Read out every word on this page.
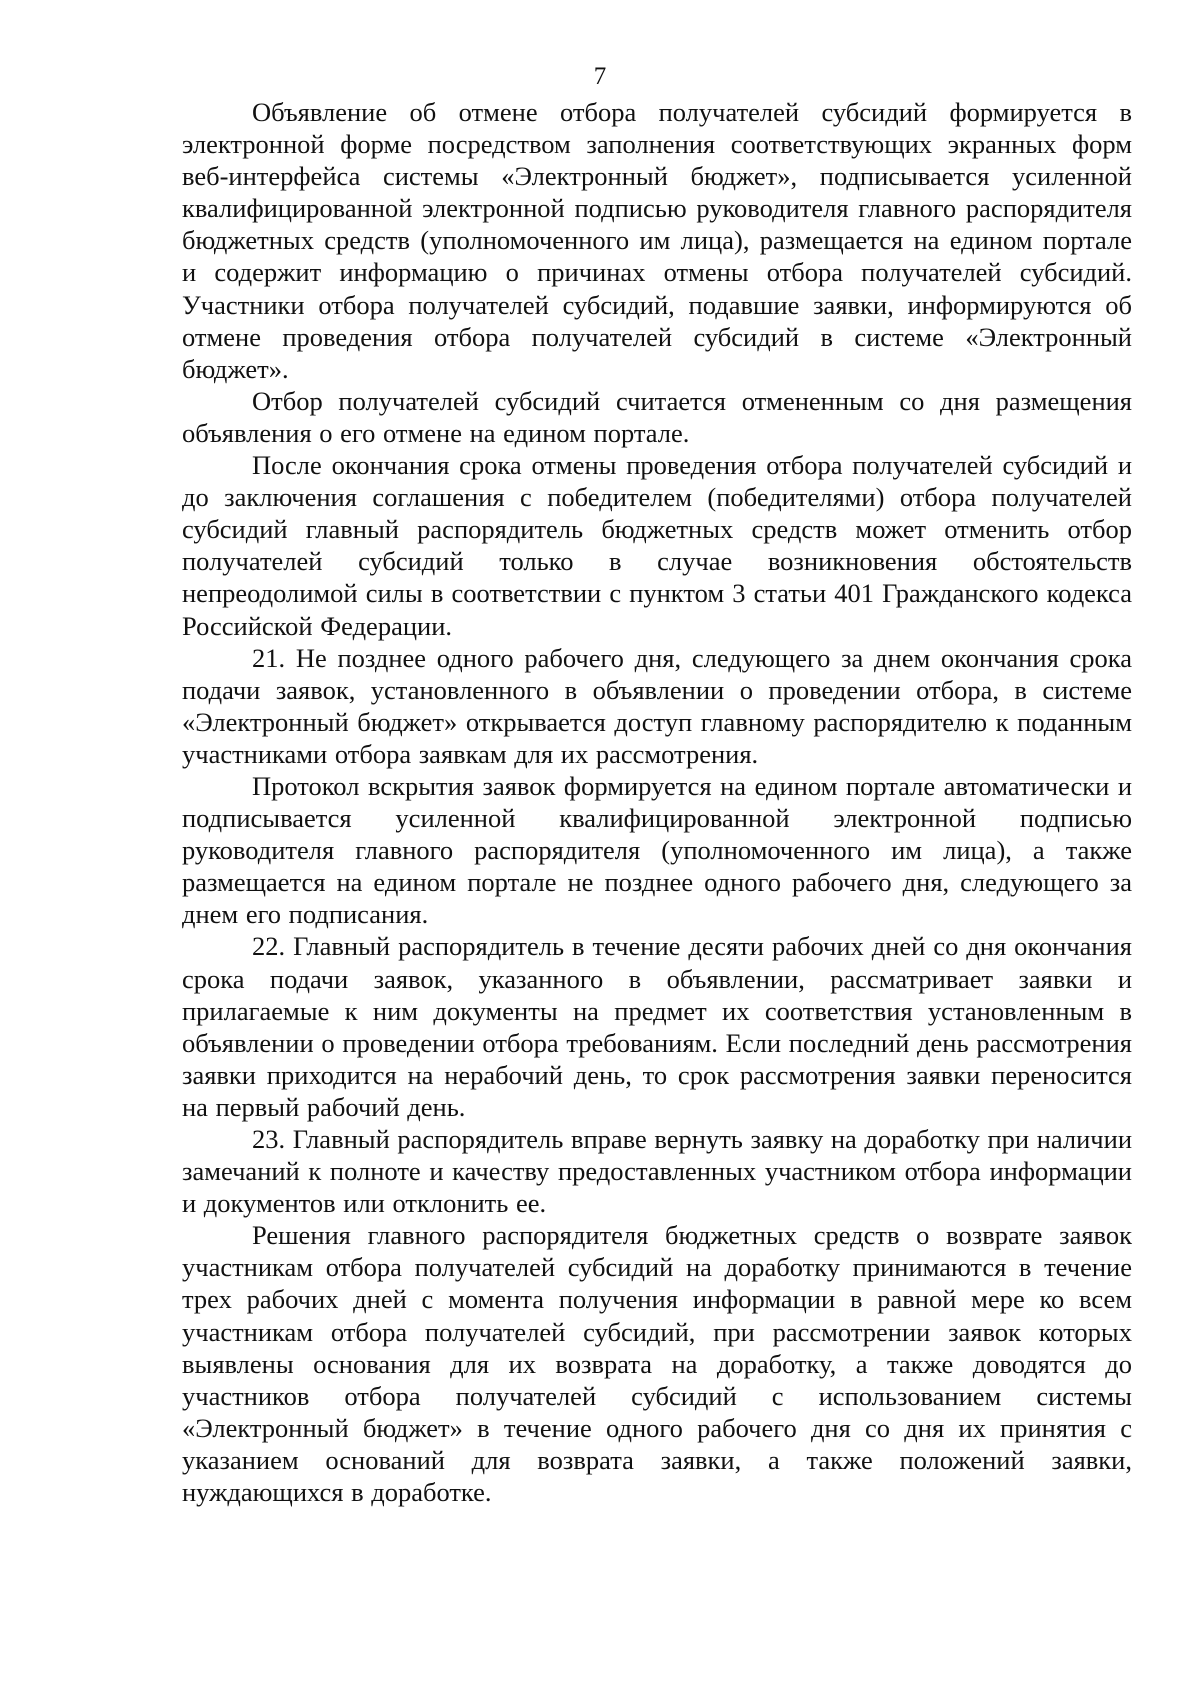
7

Объявление об отмене отбора получателей субсидий формируется в электронной форме посредством заполнения соответствующих экранных форм веб-интерфейса системы «Электронный бюджет», подписывается усиленной квалифицированной электронной подписью руководителя главного распорядителя бюджетных средств (уполномоченного им лица), размещается на едином портале и содержит информацию о причинах отмены отбора получателей субсидий. Участники отбора получателей субсидий, подавшие заявки, информируются об отмене проведения отбора получателей субсидий в системе «Электронный бюджет».

Отбор получателей субсидий считается отмененным со дня размещения объявления о его отмене на едином портале.

После окончания срока отмены проведения отбора получателей субсидий и до заключения соглашения с победителем (победителями) отбора получателей субсидий главный распорядитель бюджетных средств может отменить отбор получателей субсидий только в случае возникновения обстоятельств непреодолимой силы в соответствии с пунктом 3 статьи 401 Гражданского кодекса Российской Федерации.

21. Не позднее одного рабочего дня, следующего за днем окончания срока подачи заявок, установленного в объявлении о проведении отбора, в системе «Электронный бюджет» открывается доступ главному распорядителю к поданным участниками отбора заявкам для их рассмотрения.

Протокол вскрытия заявок формируется на едином портале автоматически и подписывается усиленной квалифицированной электронной подписью руководителя главного распорядителя (уполномоченного им лица), а также размещается на едином портале не позднее одного рабочего дня, следующего за днем его подписания.

22. Главный распорядитель в течение десяти рабочих дней со дня окончания срока подачи заявок, указанного в объявлении, рассматривает заявки и прилагаемые к ним документы на предмет их соответствия установленным в объявлении о проведении отбора требованиям. Если последний день рассмотрения заявки приходится на нерабочий день, то срок рассмотрения заявки переносится на первый рабочий день.

23. Главный распорядитель вправе вернуть заявку на доработку при наличии замечаний к полноте и качеству предоставленных участником отбора информации и документов или отклонить ее.

Решения главного распорядителя бюджетных средств о возврате заявок участникам отбора получателей субсидий на доработку принимаются в течение трех рабочих дней с момента получения информации в равной мере ко всем участникам отбора получателей субсидий, при рассмотрении заявок которых выявлены основания для их возврата на доработку, а также доводятся до участников отбора получателей субсидий с использованием системы «Электронный бюджет» в течение одного рабочего дня со дня их принятия с указанием оснований для возврата заявки, а также положений заявки, нуждающихся в доработке.
